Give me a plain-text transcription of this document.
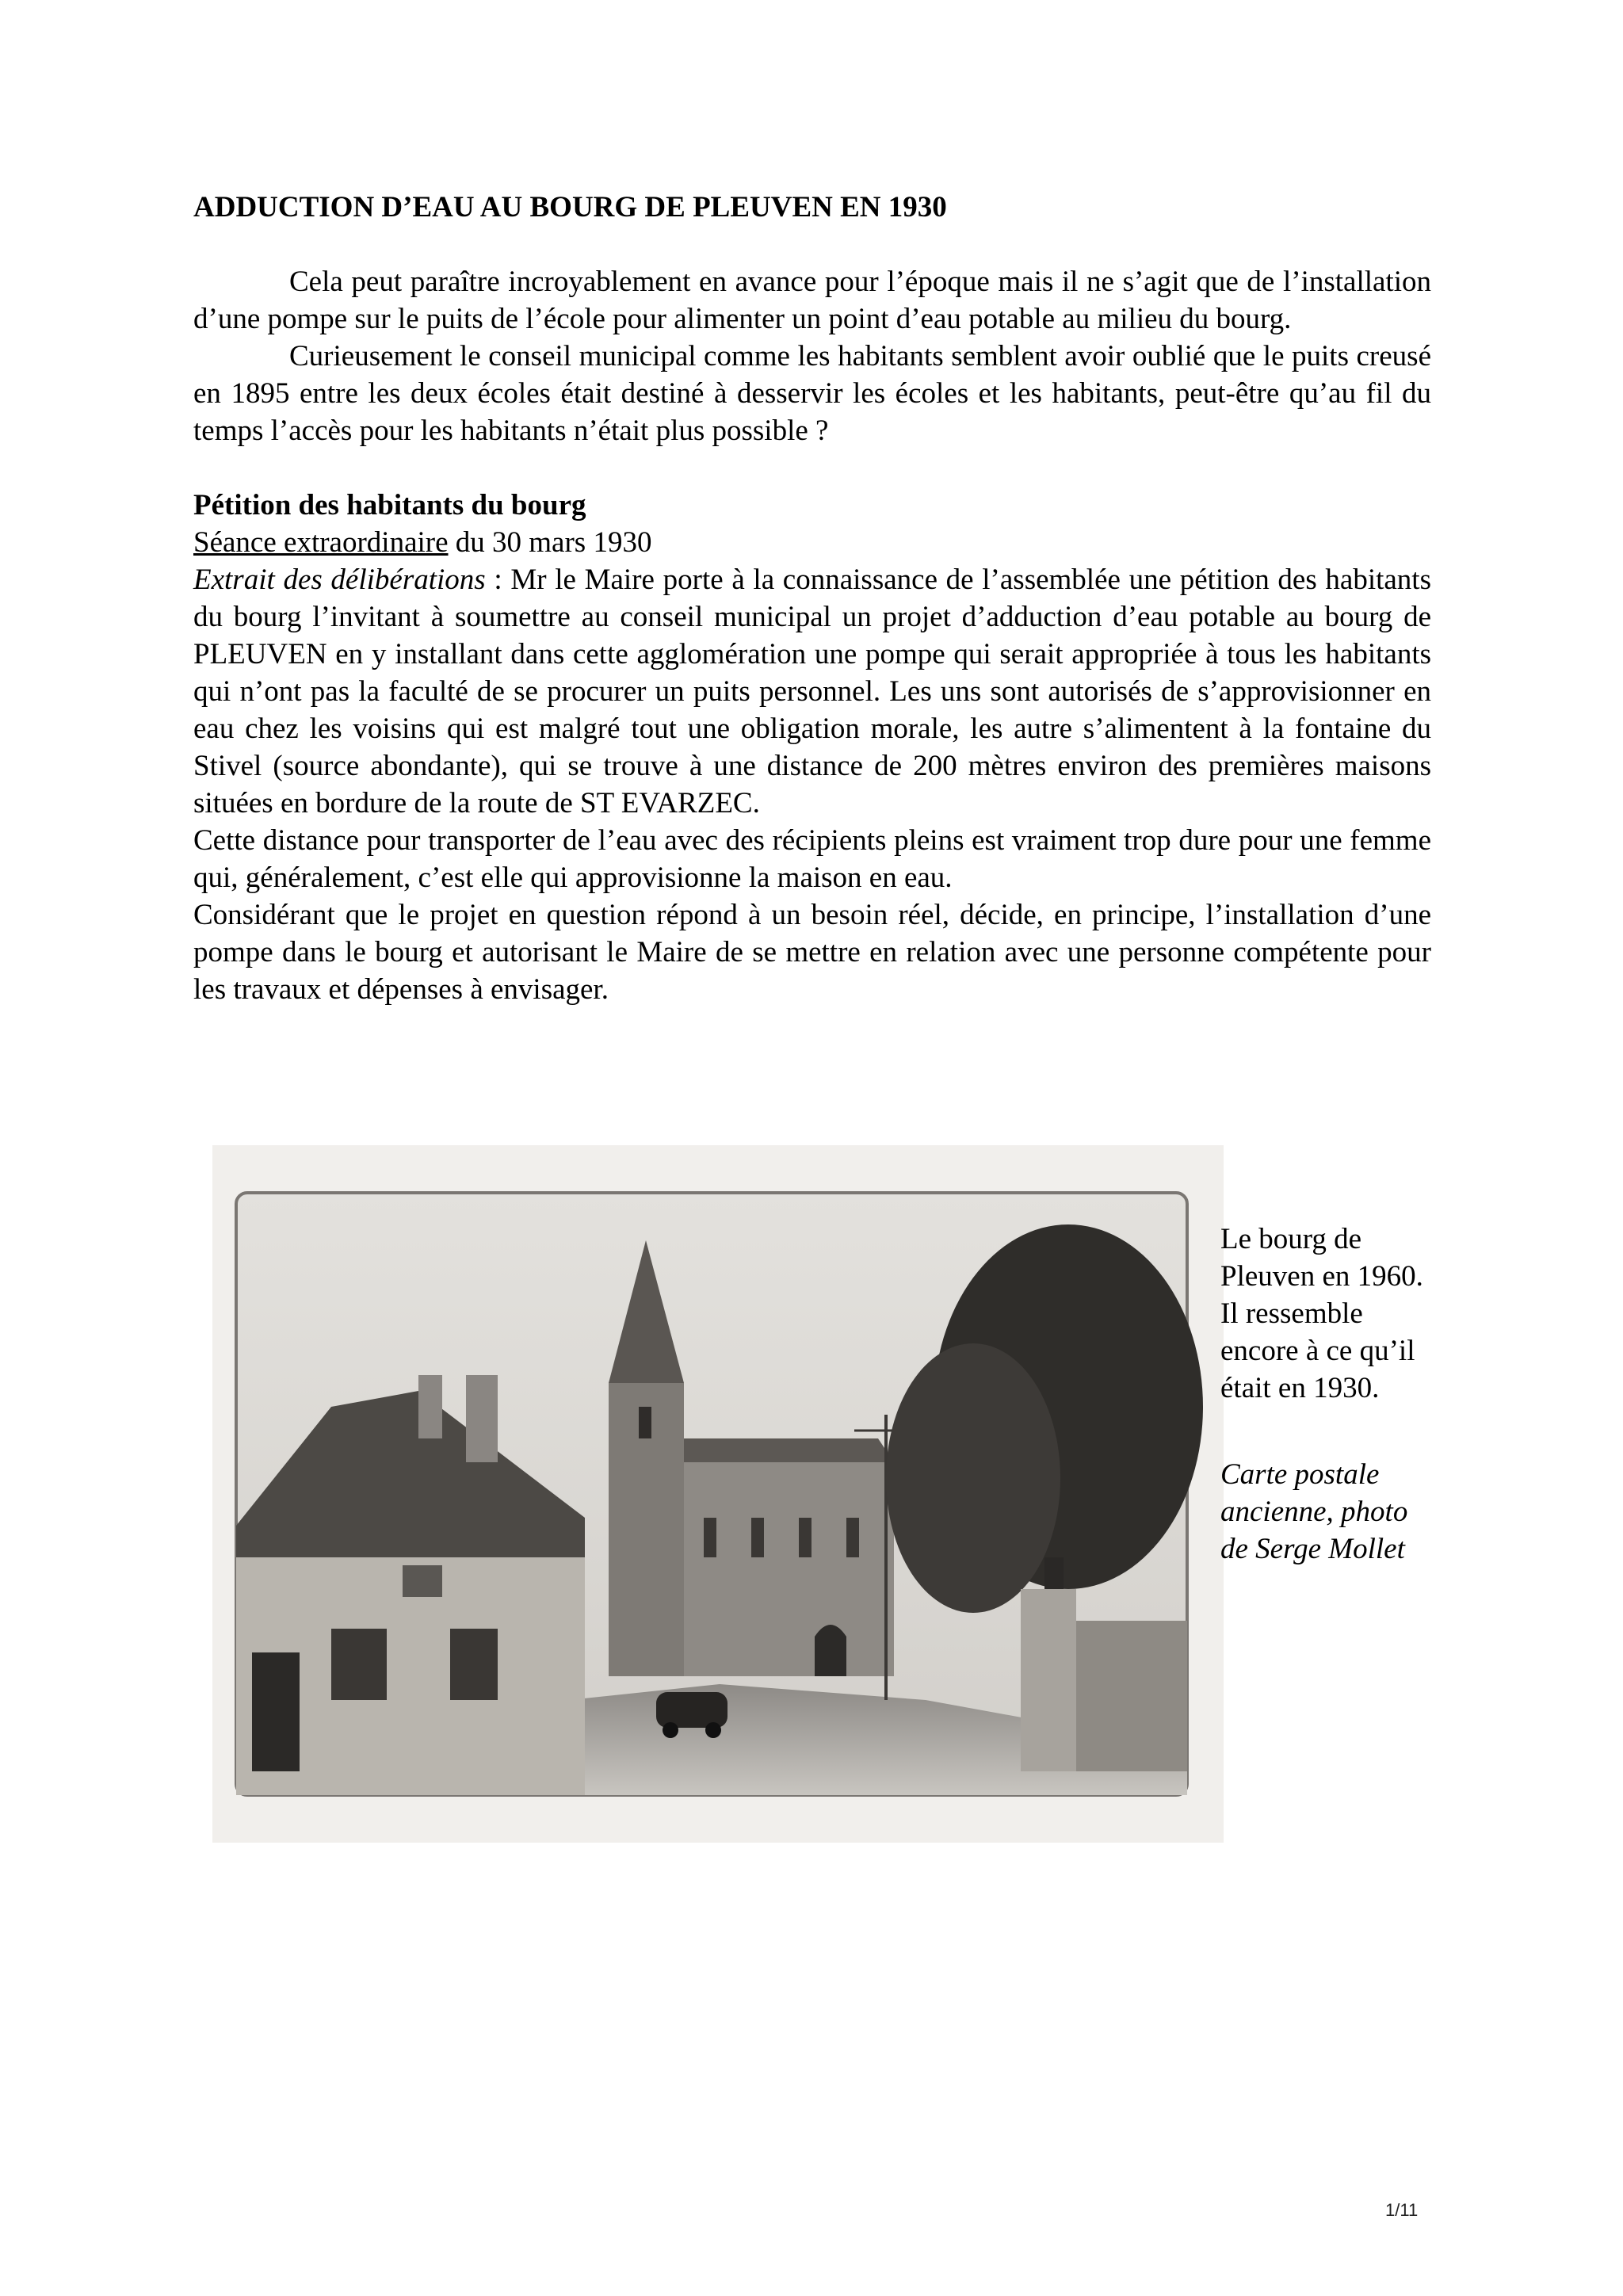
ADDUCTION D’EAU AU BOURG DE PLEUVEN EN 1930

Cela peut paraître incroyablement en avance pour l’époque mais il ne s’agit que de l’installation d’une pompe sur le puits de l’école pour alimenter un point d’eau potable au milieu du bourg.

Curieusement le conseil municipal comme les habitants semblent avoir oublié que le puits creusé en 1895 entre les deux écoles était destiné à desservir les écoles et les habitants, peut-être qu’au fil du temps l’accès pour les habitants n’était plus possible ?

Pétition des habitants du bourg

Séance extraordinaire du 30 mars 1930

Extrait des délibérations : Mr le Maire porte à la connaissance de l’assemblée une pétition des habitants du bourg l’invitant à soumettre au conseil municipal un projet d’adduction d’eau potable au bourg de PLEUVEN en y installant dans cette agglomération une pompe qui serait appropriée à tous les habitants qui n’ont pas la faculté de se procurer un puits personnel. Les uns sont autorisés de s’approvisionner en eau chez les voisins qui est malgré tout une obligation morale, les autre s’alimentent à la fontaine du Stivel (source abondante), qui se trouve à une distance de 200 mètres environ des premières maisons situées en bordure de la route de ST EVARZEC.

Cette distance pour transporter de l’eau avec des récipients pleins est vraiment trop dure pour une femme qui, généralement, c’est elle qui approvisionne la maison en eau.

Considérant que le projet en question répond à un besoin réel, décide, en principe, l’installation d’une pompe dans le bourg et autorisant le Maire de se mettre en relation avec une personne compétente pour les travaux et dépenses à envisager.

Le bourg de
Pleuven en 1960.
Il ressemble
encore à ce qu’il
était en 1930.
Carte postale
ancienne, photo
de Serge Mollet
1/11
